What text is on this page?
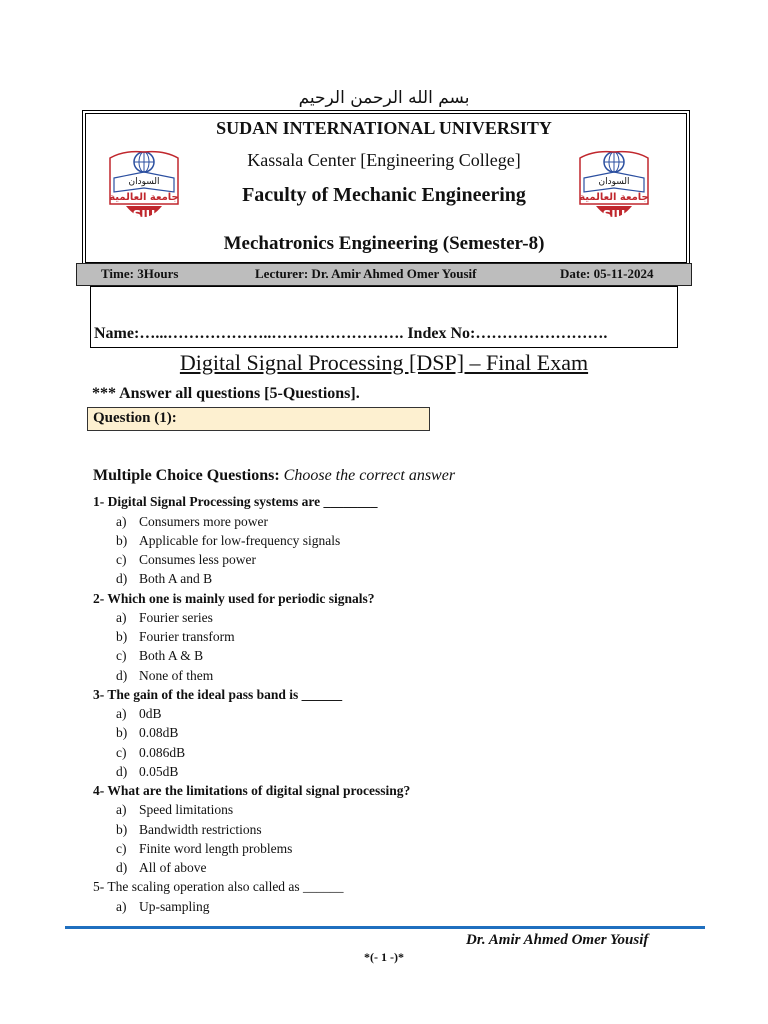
بسم الله الرحمن الرحيم
السودان
جامعة العالمية
SIU
السودان
جامعة العالمية
SIU
SUDAN INTERNATIONAL UNIVERSITY
Kassala Center [Engineering College]
Faculty of Mechanic Engineering
Mechatronics Engineering (Semester-8)
Time: 3Hours	Lecturer: Dr. Amir Ahmed Omer Yousif	Date: 05-11-2024
Name:…...………………..……………………. Index No:…………………….
Digital Signal Processing [DSP] – Final Exam
*** Answer all questions [5-Questions].
Question (1):
Multiple Choice Questions: Choose the correct answer
1- Digital Signal Processing systems are ________
a) Consumers more power
b) Applicable for low-frequency signals
c) Consumes less power
d) Both A and B
2- Which one is mainly used for periodic signals?
a) Fourier series
b) Fourier transform
c) Both A & B
d) None of them
3- The gain of the ideal pass band is ______
a) 0dB
b) 0.08dB
c) 0.086dB
d) 0.05dB
4- What are the limitations of digital signal processing?
a) Speed limitations
b) Bandwidth restrictions
c) Finite word length problems
d) All of above
5- The scaling operation also called as ______
a) Up-sampling
Dr. Amir Ahmed Omer Yousif
*(- 1 -)*
